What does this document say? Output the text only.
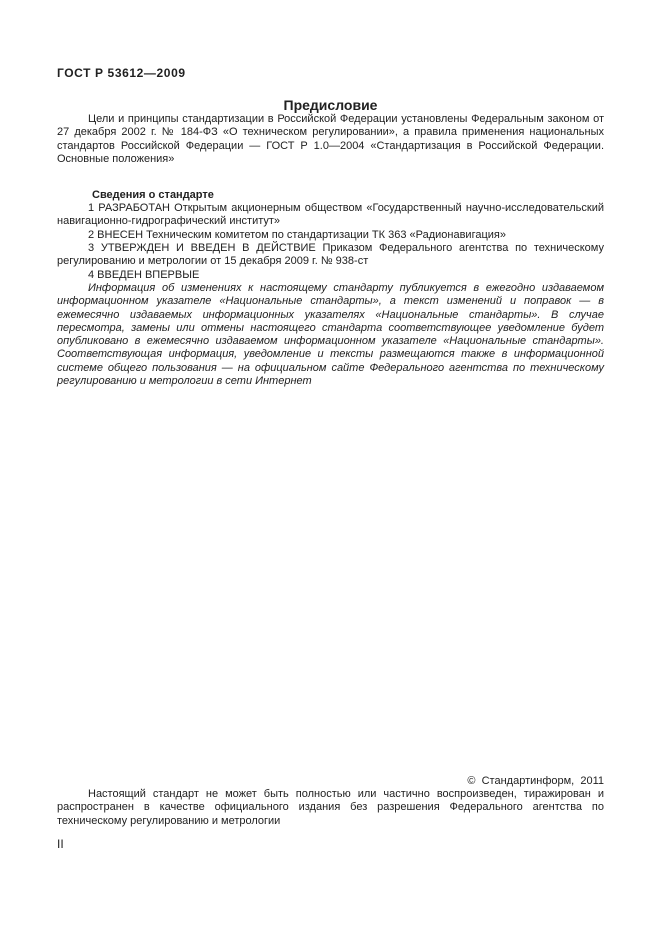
ГОСТ Р 53612—2009
Предисловие

Цели и принципы стандартизации в Российской Федерации установлены Федеральным законом от 27 декабря 2002 г. № 184-ФЗ «О техническом регулировании», а правила применения национальных стандартов Российской Федерации — ГОСТ Р 1.0—2004 «Стандартизация в Российской Федерации. Основные положения»

Сведения о стандарте

1 РАЗРАБОТАН Открытым акционерным обществом «Государственный научно-исследовательский навигационно-гидрографический институт»

2 ВНЕСЕН Техническим комитетом по стандартизации ТК 363 «Радионавигация»

3 УТВЕРЖДЕН И ВВЕДЕН В ДЕЙСТВИЕ Приказом Федерального агентства по техническому регулированию и метрологии от 15 декабря 2009 г. № 938-ст

4 ВВЕДЕН ВПЕРВЫЕ

Информация об изменениях к настоящему стандарту публикуется в ежегодно издаваемом информационном указателе «Национальные стандарты», а текст изменений и поправок — в ежемесячно издаваемых информационных указателях «Национальные стандарты». В случае пересмотра, замены или отмены настоящего стандарта соответствующее уведомление будет опубликовано в ежемесячно издаваемом информационном указателе «Национальные стандарты». Соответствующая информация, уведомление и тексты размещаются также в информационной системе общего пользования — на официальном сайте Федерального агентства по техническому регулированию и метрологии в сети Интернет

©  Стандартинформ,  2011

Настоящий стандарт не может быть полностью или частично воспроизведен, тиражирован и распространен в качестве официального издания без разрешения Федерального агентства по техническому регулированию и метрологии

II
